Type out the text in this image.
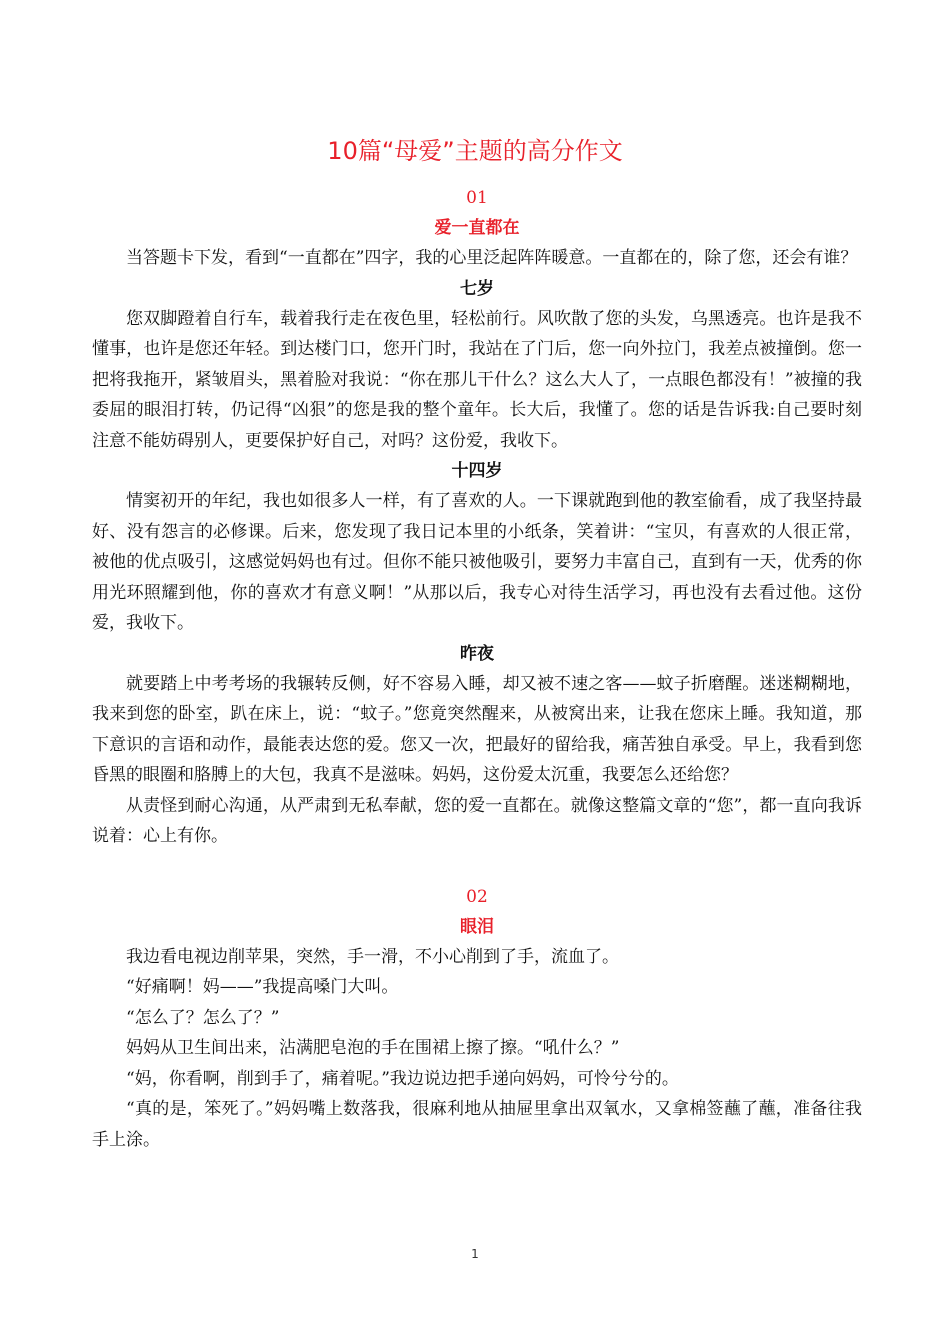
10篇“母爱”主题的高分作文
01
爱一直都在

当答题卡下发，看到“一直都在”四字，我的心里泛起阵阵暖意。一直都在的，除了您，还会有谁？

七岁

您双脚蹬着自行车，载着我行走在夜色里，轻松前行。风吹散了您的头发，乌黑透亮。也许是我不懂事，也许是您还年轻。到达楼门口，您开门时，我站在了门后，您一向外拉门，我差点被撞倒。您一把将我拖开，紧皱眉头，黑着脸对我说：“你在那儿干什么？这么大人了，一点眼色都没有！”被撞的我委屈的眼泪打转，仍记得“凶狠”的您是我的整个童年。长大后，我懂了。您的话是告诉我:自己要时刻注意不能妨碍别人，更要保护好自己，对吗？这份爱，我收下。

十四岁

情窦初开的年纪，我也如很多人一样，有了喜欢的人。一下课就跑到他的教室偷看，成了我坚持最好、没有怨言的必修课。后来，您发现了我日记本里的小纸条，笑着讲：“宝贝，有喜欢的人很正常，被他的优点吸引，这感觉妈妈也有过。但你不能只被他吸引，要努力丰富自己，直到有一天，优秀的你用光环照耀到他，你的喜欢才有意义啊！”从那以后，我专心对待生活学习，再也没有去看过他。这份爱，我收下。

昨夜

就要踏上中考考场的我辗转反侧，好不容易入睡，却又被不速之客——蚊子折磨醒。迷迷糊糊地，我来到您的卧室，趴在床上，说：“蚊子。”您竟突然醒来，从被窝出来，让我在您床上睡。我知道，那下意识的言语和动作，最能表达您的爱。您又一次，把最好的留给我，痛苦独自承受。早上，我看到您昏黑的眼圈和胳膊上的大包，我真不是滋味。妈妈，这份爱太沉重，我要怎么还给您？

从责怪到耐心沟通，从严肃到无私奉献，您的爱一直都在。就像这整篇文章的“您”，都一直向我诉说着：心上有你。

02
眼泪

我边看电视边削苹果，突然，手一滑，不小心削到了手，流血了。

“好痛啊！妈——”我提高嗓门大叫。

“怎么了？怎么了？”

妈妈从卫生间出来，沾满肥皂泡的手在围裙上擦了擦。“吼什么？”

“妈，你看啊，削到手了，痛着呢。”我边说边把手递向妈妈，可怜兮兮的。

“真的是，笨死了。”妈妈嘴上数落我，很麻利地从抽屉里拿出双氧水，又拿棉签蘸了蘸，准备往我手上涂。

1
